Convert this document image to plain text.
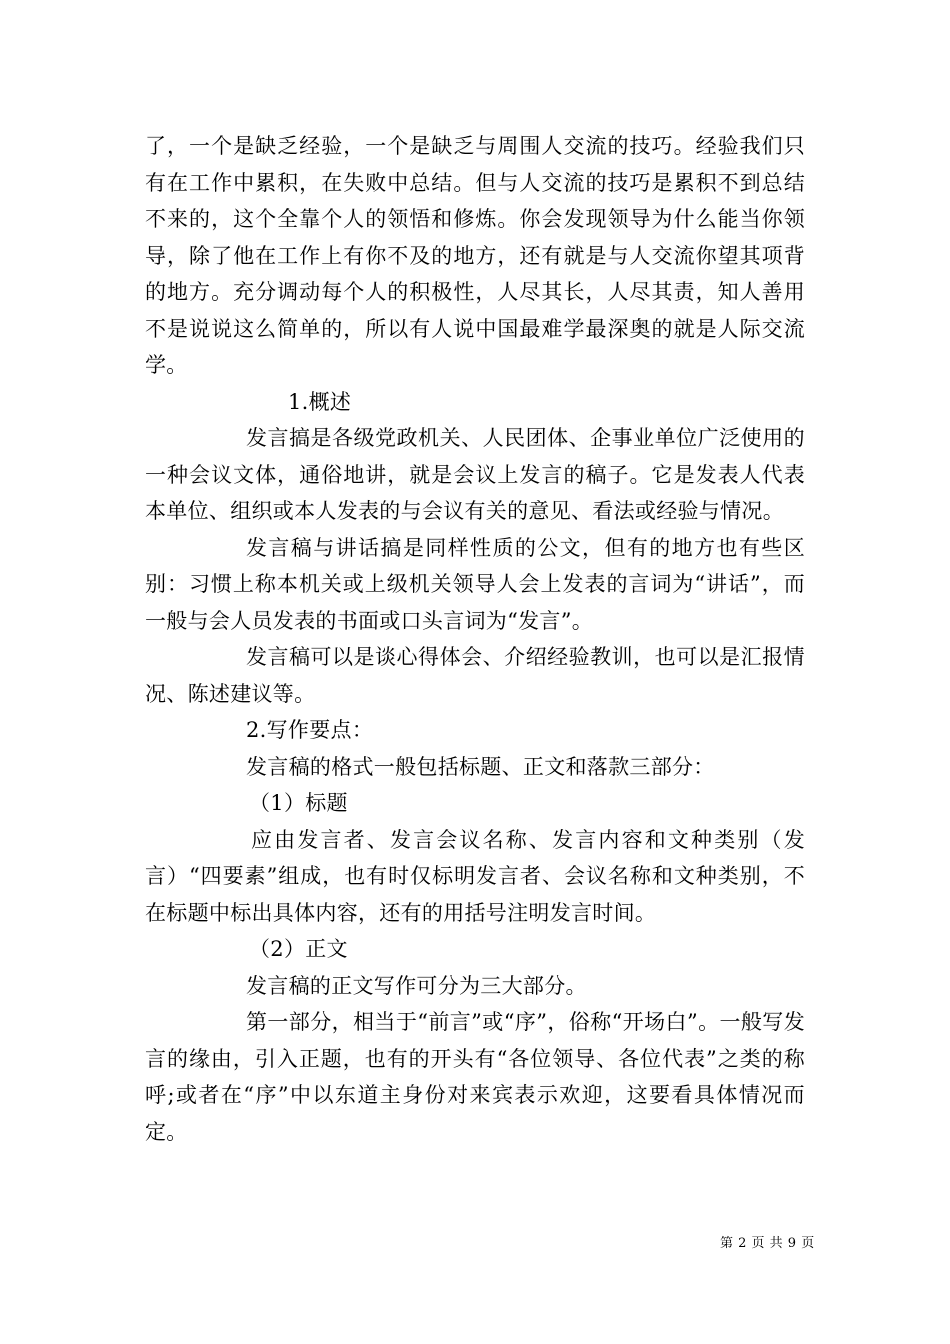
了，一个是缺乏经验，一个是缺乏与周围人交流的技巧。经验我们只有在工作中累积，在失败中总结。但与人交流的技巧是累积不到总结不来的，这个全靠个人的领悟和修炼。你会发现领导为什么能当你领导，除了他在工作上有你不及的地方，还有就是与人交流你望其项背的地方。充分调动每个人的积极性，人尽其长，人尽其责，知人善用不是说说这么简单的，所以有人说中国最难学最深奥的就是人际交流学。

1.概述

发言搞是各级党政机关、人民团体、企事业单位广泛使用的一种会议文体，通俗地讲，就是会议上发言的稿子。它是发表人代表本单位、组织或本人发表的与会议有关的意见、看法或经验与情况。

发言稿与讲话搞是同样性质的公文，但有的地方也有些区别：习惯上称本机关或上级机关领导人会上发表的言词为“讲话”，而一般与会人员发表的书面或口头言词为“发言”。

发言稿可以是谈心得体会、介绍经验教训，也可以是汇报情况、陈述建议等。

2.写作要点：

发言稿的格式一般包括标题、正文和落款三部分：

（1）标题

应由发言者、发言会议名称、发言内容和文种类别（发言）“四要素”组成，也有时仅标明发言者、会议名称和文种类别，不在标题中标出具体内容，还有的用括号注明发言时间。

（2）正文

发言稿的正文写作可分为三大部分。

第一部分，相当于“前言”或“序”，俗称“开场白”。一般写发言的缘由，引入正题，也有的开头有“各位领导、各位代表”之类的称呼;或者在“序”中以东道主身份对来宾表示欢迎，这要看具体情况而定。

第 2 页 共 9 页
